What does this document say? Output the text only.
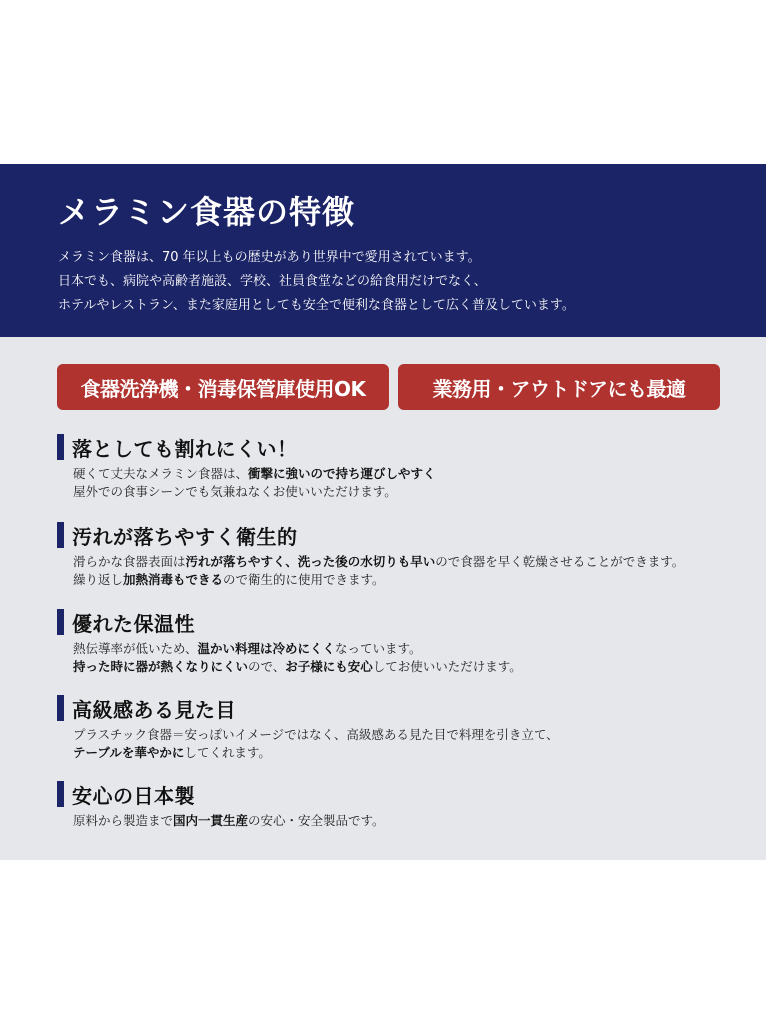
メラミン食器の特徴
メラミン食器は、70 年以上もの歴史があり世界中で愛用されています。
日本でも、病院や高齢者施設、学校、社員食堂などの給食用だけでなく、
ホテルやレストラン、また家庭用としても安全で便利な食器として広く普及しています。
食器洗浄機・消毒保管庫使用OK	業務用・アウトドアにも最適
落としても割れにくい！
硬くて丈夫なメラミン食器は、衝撃に強いので持ち運びしやすく
屋外での食事シーンでも気兼ねなくお使いいただけます。
汚れが落ちやすく衛生的
滑らかな食器表面は汚れが落ちやすく、洗った後の水切りも早いので食器を早く乾燥させることができます。
繰り返し加熱消毒もできるので衛生的に使用できます。
優れた保温性
熱伝導率が低いため、温かい料理は冷めにくくなっています。
持った時に器が熱くなりにくいので、お子様にも安心してお使いいただけます。
高級感ある見た目
プラスチック食器＝安っぽいイメージではなく、高級感ある見た目で料理を引き立て、
テーブルを華やかにしてくれます。
安心の日本製
原料から製造まで国内一貫生産の安心・安全製品です。
